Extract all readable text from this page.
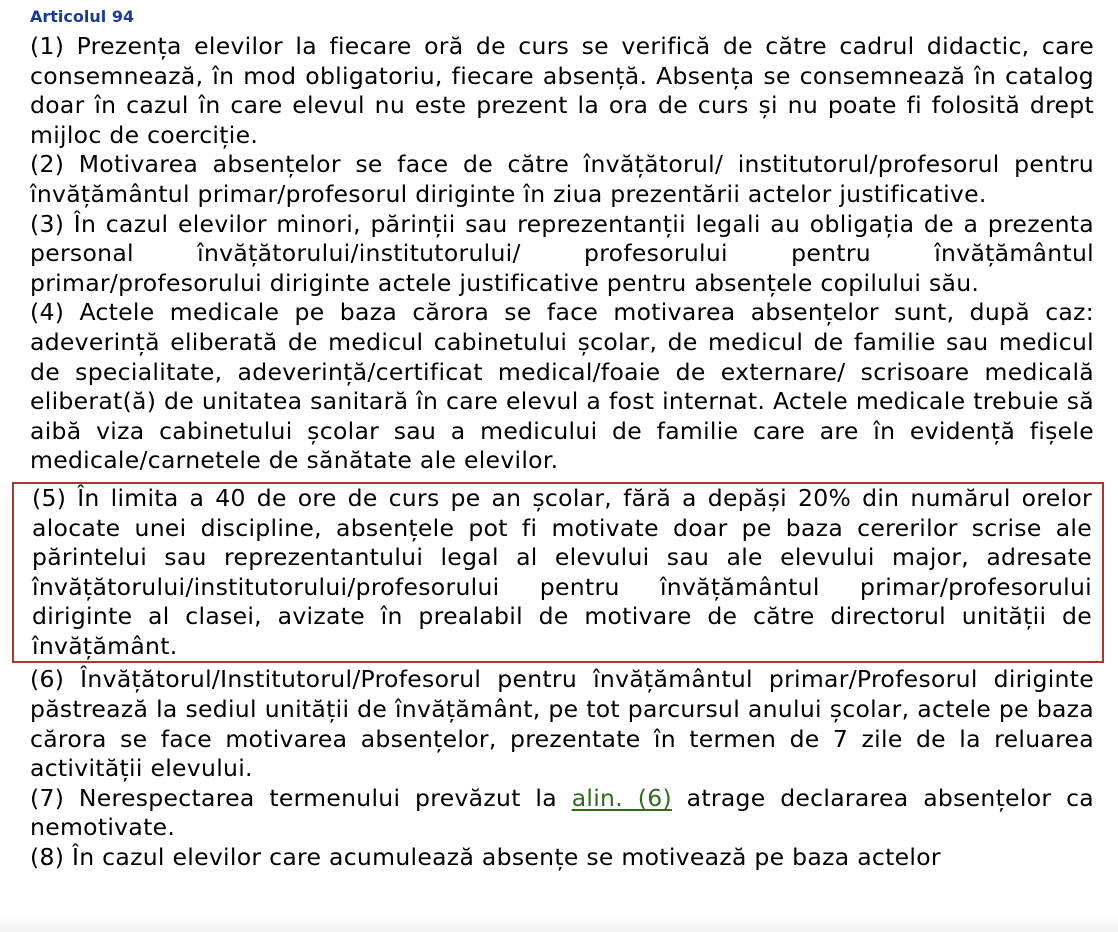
Articolul 94

(1) Prezența elevilor la fiecare oră de curs se verifică de către cadrul didactic, care consemnează, în mod obligatoriu, fiecare absență. Absența se consemnează în catalog doar în cazul în care elevul nu este prezent la ora de curs și nu poate fi folosită drept mijloc de coerciție.

(2) Motivarea absențelor se face de către învățătorul/ institutorul/profesorul pentru învățământul primar/profesorul diriginte în ziua prezentării actelor justificative.

(3) În cazul elevilor minori, părinții sau reprezentanții legali au obligația de a prezenta personal învățătorului/institutorului/ profesorului pentru învățământul primar/profesorului diriginte actele justificative pentru absențele copilului său.

(4) Actele medicale pe baza cărora se face motivarea absențelor sunt, după caz: adeverință eliberată de medicul cabinetului școlar, de medicul de familie sau medicul de specialitate, adeverință/certificat medical/foaie de externare/ scrisoare medicală eliberat(ă) de unitatea sanitară în care elevul a fost internat. Actele medicale trebuie să aibă viza cabinetului școlar sau a medicului de familie care are în evidență fișele medicale/carnetele de sănătate ale elevilor.

(5) În limita a 40 de ore de curs pe an școlar, fără a depăși 20% din numărul orelor alocate unei discipline, absențele pot fi motivate doar pe baza cererilor scrise ale părintelui sau reprezentantului legal al elevului sau ale elevului major, adresate învățătorului/institutorului/profesorului pentru învățământul primar/profesorului diriginte al clasei, avizate în prealabil de motivare de către directorul unității de învățământ.

(6) Învățătorul/Institutorul/Profesorul pentru învățământul primar/Profesorul diriginte păstrează la sediul unității de învățământ, pe tot parcursul anului școlar, actele pe baza cărora se face motivarea absențelor, prezentate în termen de 7 zile de la reluarea activității elevului.

(7) Nerespectarea termenului prevăzut la alin. (6) atrage declararea absențelor ca nemotivate.

(8) În cazul elevilor care acumulează absențe se motivează pe baza actelor
